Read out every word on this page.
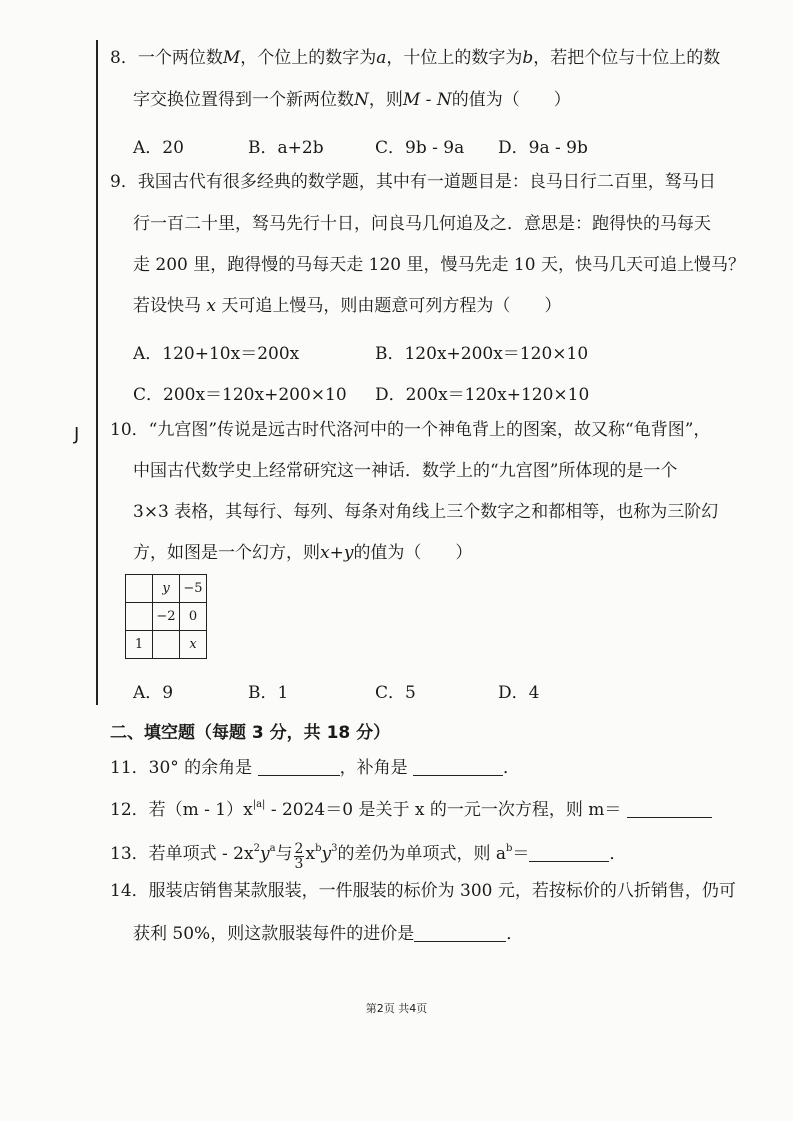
J
8．一个两位数M，个位上的数字为a，十位上的数字为b，若把个位与十位上的数
字交换位置得到一个新两位数N，则M - N的值为（　　）
A．20	B．a+2b	C．9b - 9a D．9a - 9b
9．我国古代有很多经典的数学题，其中有一道题目是：良马日行二百里，驽马日
行一百二十里，驽马先行十日，问良马几何追及之．意思是：跑得快的马每天
走 200 里，跑得慢的马每天走 120 里，慢马先走 10 天，快马几天可追上慢马？
若设快马 x 天可追上慢马，则由题意可列方程为（　　）
A．120+10x＝200x	B．120x+200x＝120×10
C．200x＝120x+200×10 D．200x＝120x+120×10
10．“九宫图”传说是远古时代洛河中的一个神龟背上的图案，故又称“龟背图”，
中国古代数学史上经常研究这一神话．数学上的“九宫图”所体现的是一个
3×3 表格，其每行、每列、每条对角线上三个数字之和都相等，也称为三阶幻
方，如图是一个幻方，则x+y的值为（　　）
	y	−5
	−2	0
1		x
A．9	B．1	C．5	D．4
二、填空题（每题 3 分，共 18 分）
11．30° 的余角是	，补角是	．
12．若$(m - 1)x^{|a|} - 2024=0$ 是关于 x 的一元一次方程，则 m＝
13．若单项式 - $2x^2y^a$与 $\frac{2}{3} x^by^3$的差仍为单项式，则 $a^b=$	．
14．服装店销售某款服装，一件服装的标价为 300 元，若按标价的八折销售，仍可
获利 50%，则这款服装每件的进价是	．
第2页 共4页
